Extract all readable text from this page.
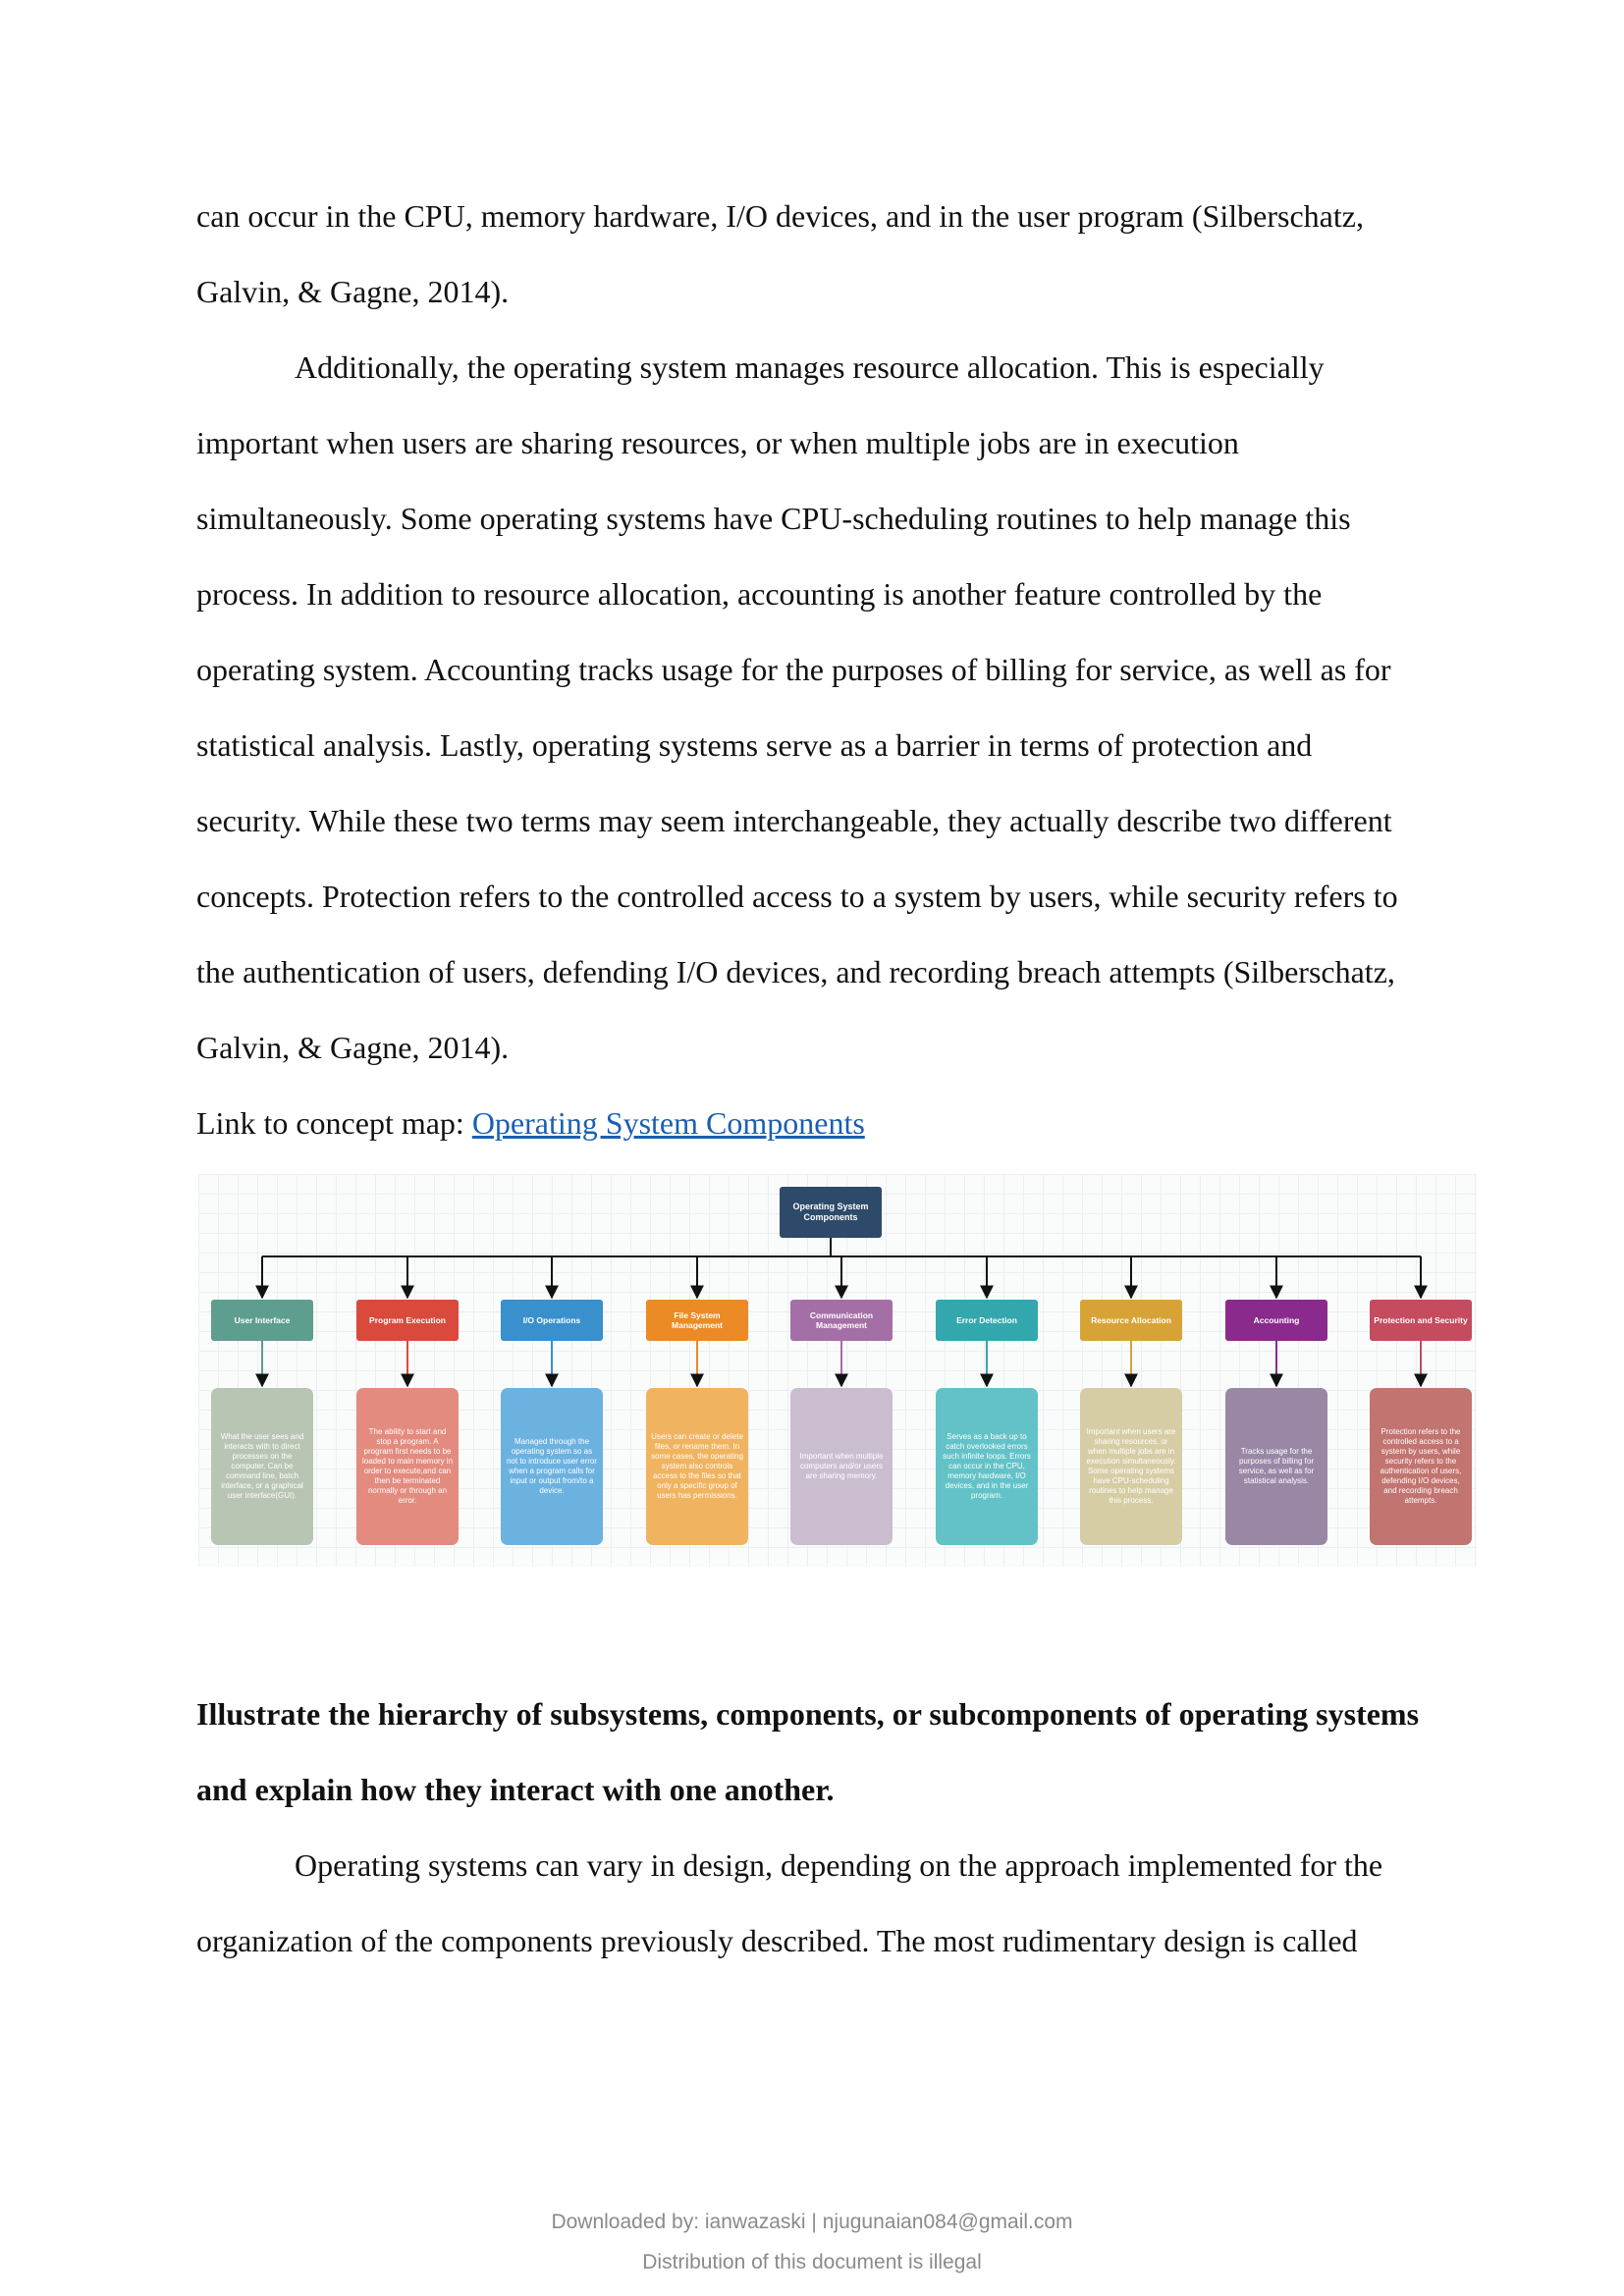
can occur in the CPU, memory hardware, I/O devices, and in the user program (Silberschatz,
Galvin, & Gagne, 2014).
Additionally, the operating system manages resource allocation. This is especially
important when users are sharing resources, or when multiple jobs are in execution
simultaneously. Some operating systems have CPU-scheduling routines to help manage this
process. In addition to resource allocation, accounting is another feature controlled by the
operating system. Accounting tracks usage for the purposes of billing for service, as well as for
statistical analysis. Lastly, operating systems serve as a barrier in terms of protection and
security. While these two terms may seem interchangeable, they actually describe two different
concepts. Protection refers to the controlled access to a system by users, while security refers to
the authentication of users, defending I/O devices, and recording breach attempts (Silberschatz,
Galvin, & Gagne, 2014).
Link to concept map: Operating System Components
Illustrate the hierarchy of subsystems, components, or subcomponents of operating systems
and explain how they interact with one another.
Operating systems can vary in design, depending on the approach implemented for the
organization of the components previously described. The most rudimentary design is called
Operating System Components
User Interface
What the user sees and interacts with to direct processes on the computer. Can be command line, batch interface, or a graphical user interface(GUI).
Program Execution
The ability to start and stop a program. A program first needs to be loaded to main memory in order to execute,and can then be terminated normally or through an error.
I/O Operations
Managed through the operating system so as not to introduce user error when a program calls for input or output from/to a device.
File System Management
Users can create or delete files, or rename them. In some cases, the operating system also controls access to the files so that only a specific group of users has permissions.
Communication Management
Important when multiple computers and/or users are sharing memory.
Error Detection
Serves as a back up to catch overlooked errors such infinite loops. Errors can occur in the CPU, memory hardware, I/O devices, and in the user program.
Resource Allocation
Important when users are sharing resources, or when multiple jobs are in execution simultaneously. Some operating systems have CPU-scheduling routines to help manage this process.
Accounting
Tracks usage for the purposes of billing for service, as well as for statistical analysis.
Protection and Security
Protection refers to the controlled access to a system by users, while security refers to the authentication of users, defending I/O devices, and recording breach attempts.
Downloaded by: ianwazaski | njugunaian084@gmail.com
Distribution of this document is illegal
